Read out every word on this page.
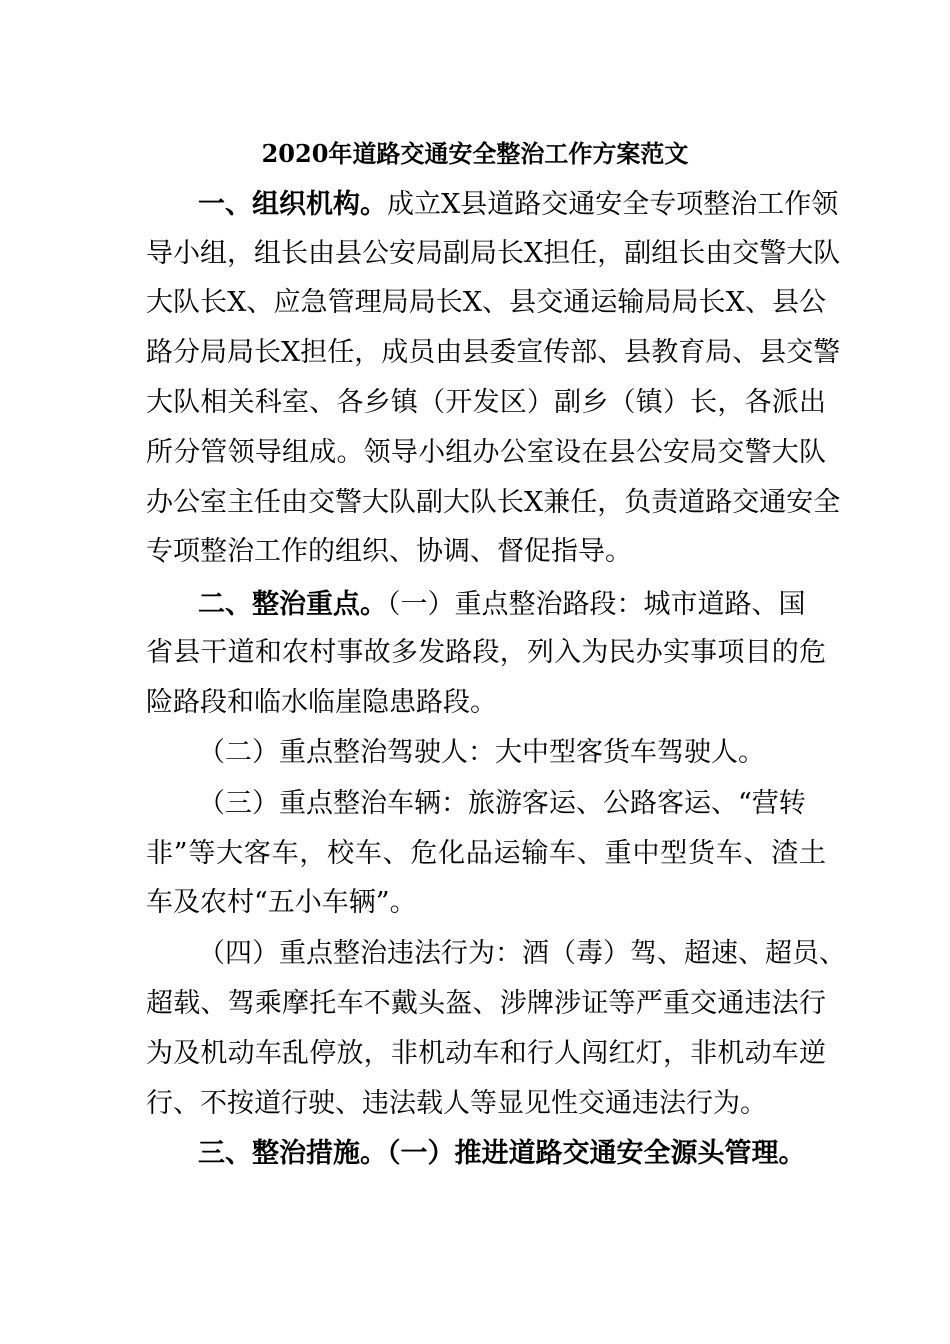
2020年道路交通安全整治工作方案范文
一、组织机构。成立X县道路交通安全专项整治工作领
导小组，组长由县公安局副局长X担任，副组长由交警大队
大队长X、应急管理局局长X、县交通运输局局长X、县公
路分局局长X担任，成员由县委宣传部、县教育局、县交警
大队相关科室、各乡镇（开发区）副乡（镇）长，各派出
所分管领导组成。领导小组办公室设在县公安局交警大队
办公室主任由交警大队副大队长X兼任，负责道路交通安全
专项整治工作的组织、协调、督促指导。
二、整治重点。（一）重点整治路段：城市道路、国
省县干道和农村事故多发路段，列入为民办实事项目的危
险路段和临水临崖隐患路段。
（二）重点整治驾驶人：大中型客货车驾驶人。
（三）重点整治车辆：旅游客运、公路客运、“营转
非”等大客车，校车、危化品运输车、重中型货车、渣土
车及农村“五小车辆”。
（四）重点整治违法行为：酒（毒）驾、超速、超员、
超载、驾乘摩托车不戴头盔、涉牌涉证等严重交通违法行
为及机动车乱停放，非机动车和行人闯红灯，非机动车逆
行、不按道行驶、违法载人等显见性交通违法行为。
三、整治措施。（一）推进道路交通安全源头管理。
